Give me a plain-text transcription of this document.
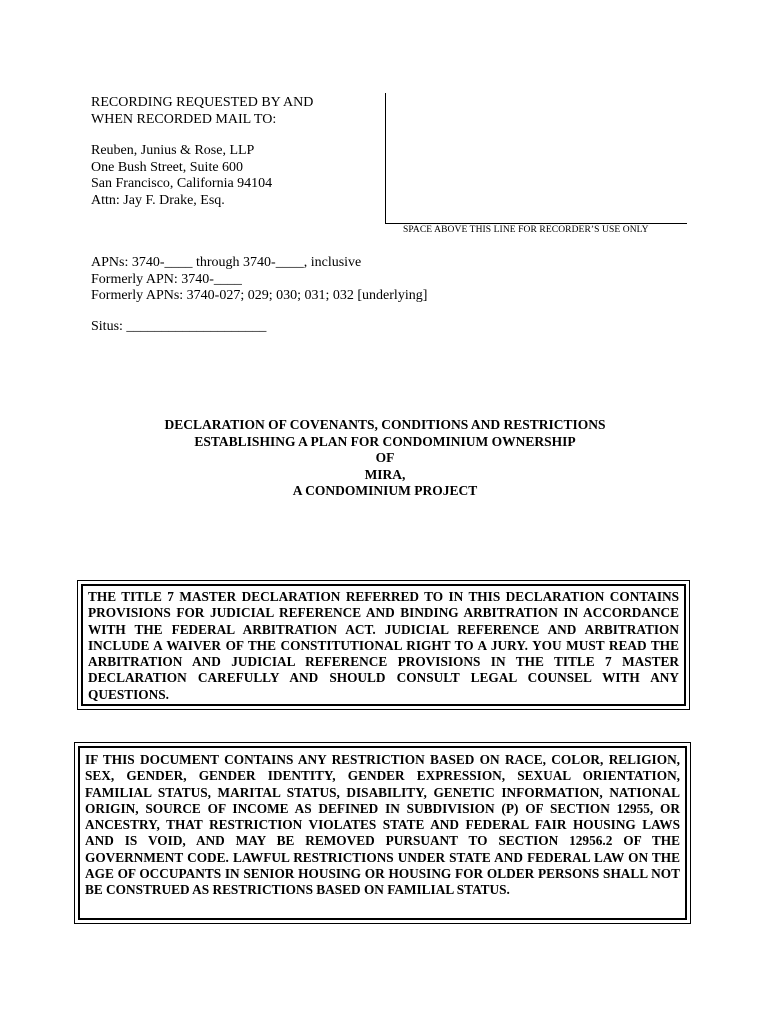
RECORDING REQUESTED BY AND
WHEN RECORDED MAIL TO:
Reuben, Junius & Rose, LLP
One Bush Street, Suite 600
San Francisco, California 94104
Attn: Jay F. Drake, Esq.
SPACE ABOVE THIS LINE FOR RECORDER’S USE ONLY
APNs: 3740-____ through 3740-____, inclusive
Formerly APN: 3740-____
Formerly APNs: 3740-027; 029; 030; 031; 032 [underlying]
Situs: ____________________
DECLARATION OF COVENANTS, CONDITIONS AND RESTRICTIONS
ESTABLISHING A PLAN FOR CONDOMINIUM OWNERSHIP
OF
MIRA,
A CONDOMINIUM PROJECT
THE TITLE 7 MASTER DECLARATION REFERRED TO IN THIS DECLARATION CONTAINS PROVISIONS FOR JUDICIAL REFERENCE AND BINDING ARBITRATION IN ACCORDANCE WITH THE FEDERAL ARBITRATION ACT. JUDICIAL REFERENCE AND ARBITRATION INCLUDE A WAIVER OF THE CONSTITUTIONAL RIGHT TO A JURY. YOU MUST READ THE ARBITRATION AND JUDICIAL REFERENCE PROVISIONS IN THE TITLE 7 MASTER DECLARATION CAREFULLY AND SHOULD CONSULT LEGAL COUNSEL WITH ANY QUESTIONS.
IF THIS DOCUMENT CONTAINS ANY RESTRICTION BASED ON RACE, COLOR, RELIGION, SEX, GENDER, GENDER IDENTITY, GENDER EXPRESSION, SEXUAL ORIENTATION, FAMILIAL STATUS, MARITAL STATUS, DISABILITY, GENETIC INFORMATION, NATIONAL ORIGIN, SOURCE OF INCOME AS DEFINED IN SUBDIVISION (P) OF SECTION 12955, OR ANCESTRY, THAT RESTRICTION VIOLATES STATE AND FEDERAL FAIR HOUSING LAWS AND IS VOID, AND MAY BE REMOVED PURSUANT TO SECTION 12956.2 OF THE GOVERNMENT CODE. LAWFUL RESTRICTIONS UNDER STATE AND FEDERAL LAW ON THE AGE OF OCCUPANTS IN SENIOR HOUSING OR HOUSING FOR OLDER PERSONS SHALL NOT BE CONSTRUED AS RESTRICTIONS BASED ON FAMILIAL STATUS.
